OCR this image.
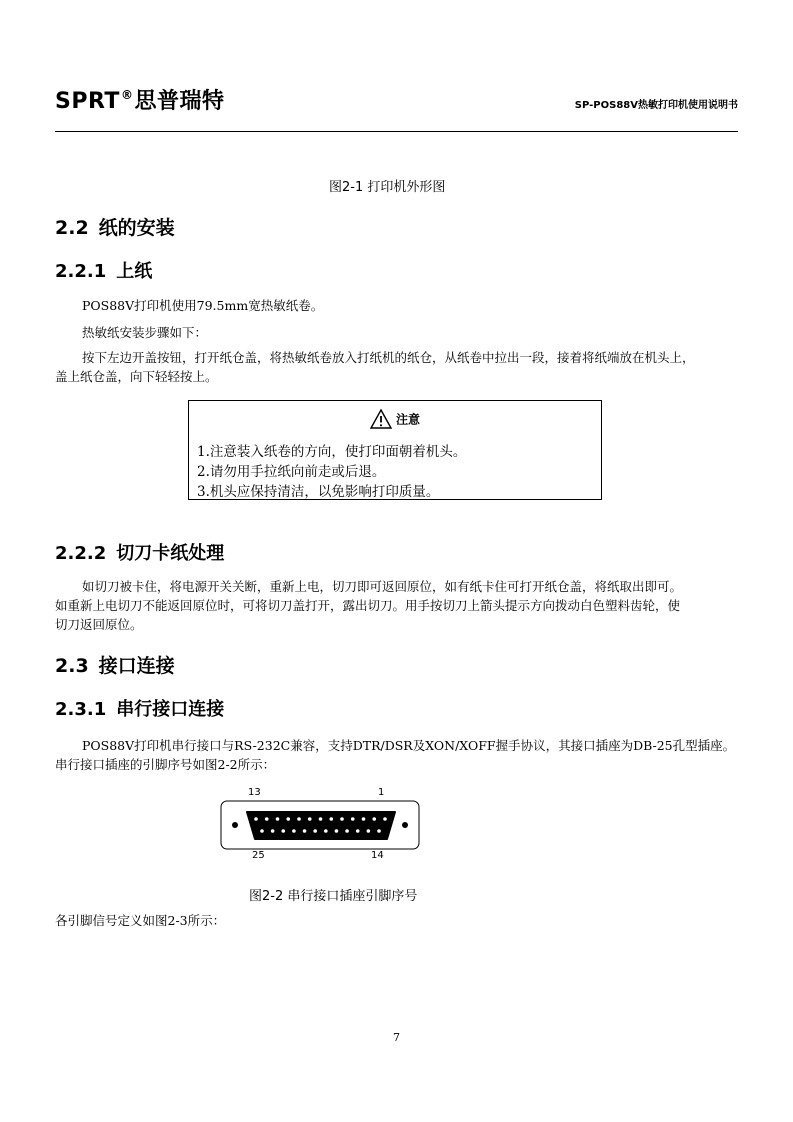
SPRT®思普瑞特	SP-POS88Ⅴ热敏打印机使用说明书
图2-1 打印机外形图
2.2 纸的安装
2.2.1 上纸
POS88Ⅴ打印机使用79.5mm宽热敏纸卷。
热敏纸安装步骤如下：
按下左边开盖按钮，打开纸仓盖，将热敏纸卷放入打纸机的纸仓，从纸卷中拉出一段，接着将纸端放在机头上，
盖上纸仓盖，向下轻轻按上。
注意
1.注意装入纸卷的方向，使打印面朝着机头。
2.请勿用手拉纸向前走或后退。
3.机头应保持清洁，以免影响打印质量。
2.2.2 切刀卡纸处理
如切刀被卡住，将电源开关关断，重新上电，切刀即可返回原位，如有纸卡住可打开纸仓盖，将纸取出即可。
如重新上电切刀不能返回原位时，可将切刀盖打开，露出切刀。用手按切刀上箭头提示方向拨动白色塑料齿轮，使
切刀返回原位。
2.3 接口连接
2.3.1 串行接口连接
POS88Ⅴ打印机串行接口与RS-232C兼容，支持DTR/DSR及XON/XOFF握手协议，其接口插座为DB-25孔型插座。
串行接口插座的引脚序号如图2-2所示：
13	1
25	14
图2-2 串行接口插座引脚序号
各引脚信号定义如图2-3所示：
7
